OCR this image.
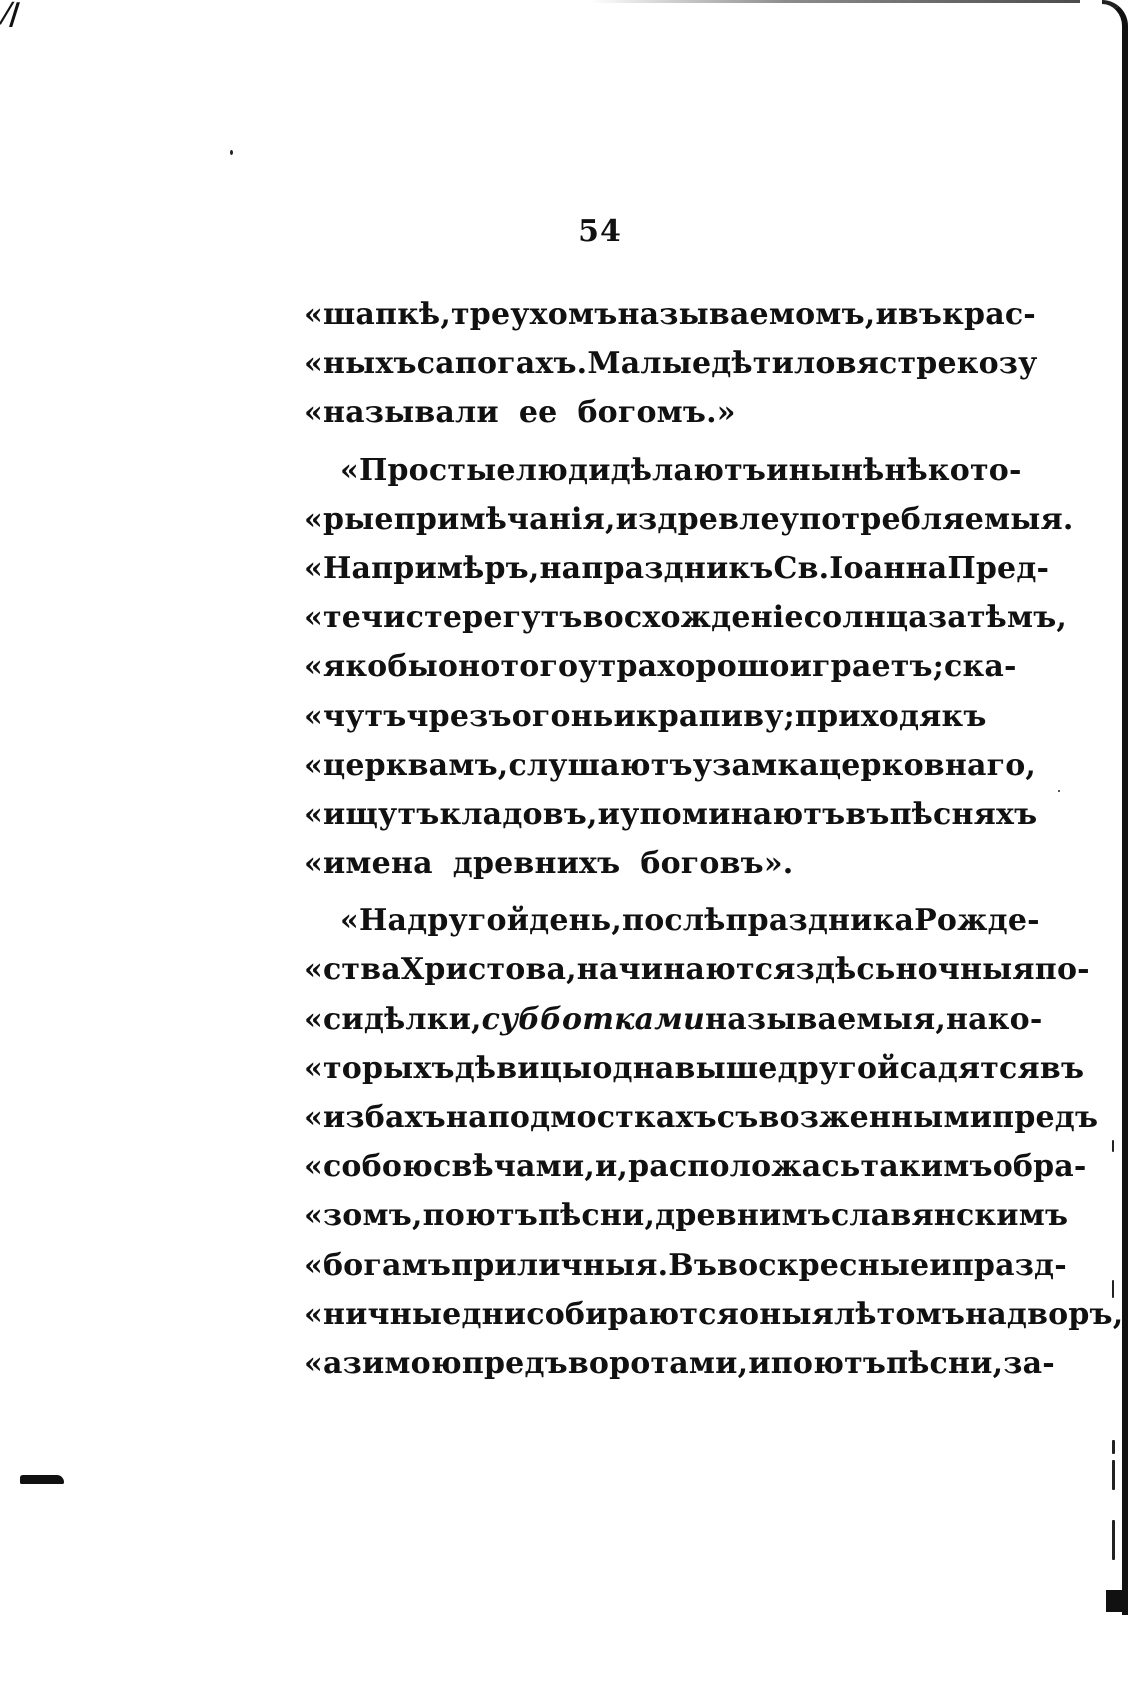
⁄/
54
«шапкѣ , треухомъ называемомъ , и въ крас-
«ныхъ сапогахъ. Малые дѣти ловя стрекозу
«называли ее богомъ.»
«Простые люди дѣлаютъ и нынѣ нѣкото-
«рые примѣчанія , издревле употребляемыя.
«Напримѣръ, на праздникъ Св. Іоанна Пред-
«течи стерегутъ восхожденіе солнца за тѣмъ,
«якобы оно того утра хорошо играетъ; ска-
«чутъ чрезъ огонь и крапиву; приходя къ
«церквамъ, слушаютъ у замка церковнаго,
«ищутъ кладовъ, и упоминаютъ въ пѣсняхъ
«имена древнихъ боговъ».
«На другой день, послѣ праздника Рожде-
«ства Христова, начинаются здѣсь ночныя по-
«сидѣлки, субботками называемыя, на ко-
«торыхъ дѣвицы одна выше другой садятся въ
«избахъ на подмосткахъ съ возженными предъ
«собою свѣчами, и, расположась такимъ обра-
«зомъ, поютъ пѣсни, древнимъ славянскимъ
«богамъ приличныя. Въ воскресные и празд-
«ничные дни собираются оныя лѣтомъ на дворъ,
«а зимою предъ воротами, и поютъ пѣсни, за-
